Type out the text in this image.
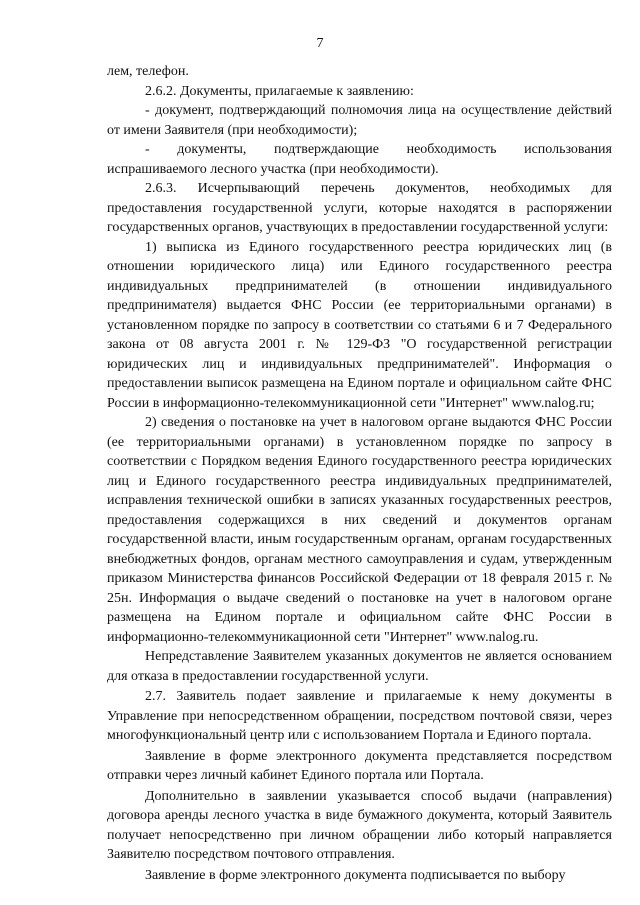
7

лем, телефон.

2.6.2. Документы, прилагаемые к заявлению:

- документ, подтверждающий полномочия лица на осуществление действий от имени Заявителя (при необходимости);

- документы, подтверждающие необходимость использования испрашиваемого лесного участка (при необходимости).

2.6.3. Исчерпывающий перечень документов, необходимых для предоставления государственной услуги, которые находятся в распоряжении государственных органов, участвующих в предоставлении государственной услуги:

1) выписка из Единого государственного реестра юридических лиц (в отношении юридического лица) или Единого государственного реестра индивидуальных предпринимателей (в отношении индивидуального предпринимателя) выдается ФНС России (ее территориальными органами) в установленном порядке по запросу в соответствии со статьями 6 и 7 Федерального закона от 08 августа 2001 г. № 129-ФЗ "О государственной регистрации юридических лиц и индивидуальных предпринимателей". Информация о предоставлении выписок размещена на Едином портале и официальном сайте ФНС России в информационно-телекоммуникационной сети "Интернет" www.nalog.ru;

2) сведения о постановке на учет в налоговом органе выдаются ФНС России (ее территориальными органами) в установленном порядке по запросу в соответствии с Порядком ведения Единого государственного реестра юридических лиц и Единого государственного реестра индивидуальных предпринимателей, исправления технической ошибки в записях указанных государственных реестров, предоставления содержащихся в них сведений и документов органам государственной власти, иным государственным органам, органам государственных внебюджетных фондов, органам местного самоуправления и судам, утвержденным приказом Министерства финансов Российской Федерации от 18 февраля 2015 г. № 25н. Информация о выдаче сведений о постановке на учет в налоговом органе размещена на Едином портале и официальном сайте ФНС России в информационно-телекоммуникационной сети "Интернет" www.nalog.ru.

Непредставление Заявителем указанных документов не является основанием для отказа в предоставлении государственной услуги.

2.7. Заявитель подает заявление и прилагаемые к нему документы в Управление при непосредственном обращении, посредством почтовой связи, через многофункциональный центр или с использованием Портала и Единого портала.

Заявление в форме электронного документа представляется посредством отправки через личный кабинет Единого портала или Портала.

Дополнительно в заявлении указывается способ выдачи (направления) договора аренды лесного участка в виде бумажного документа, который Заявитель получает непосредственно при личном обращении либо который направляется Заявителю посредством почтового отправления.

Заявление в форме электронного документа подписывается по выбору
